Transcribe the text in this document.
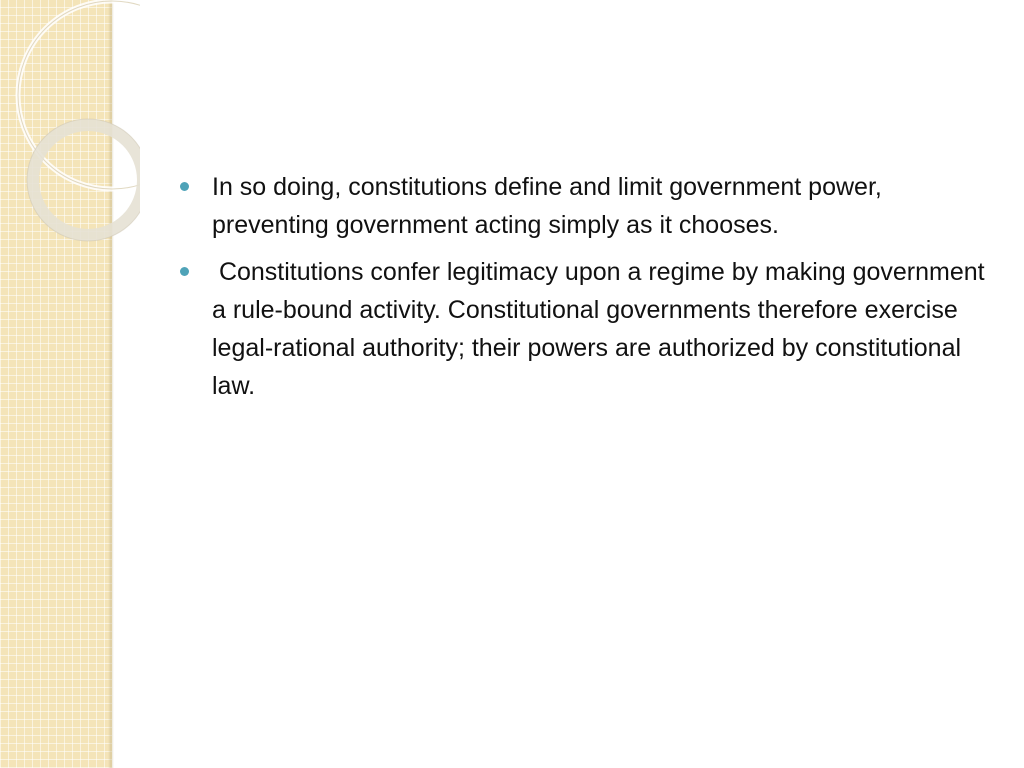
In so doing, constitutions define and limit government power, preventing government acting simply as it chooses.
Constitutions confer legitimacy upon a regime by making government a rule-bound activity. Constitutional governments therefore exercise legal-rational authority; their powers are authorized by constitutional law.
